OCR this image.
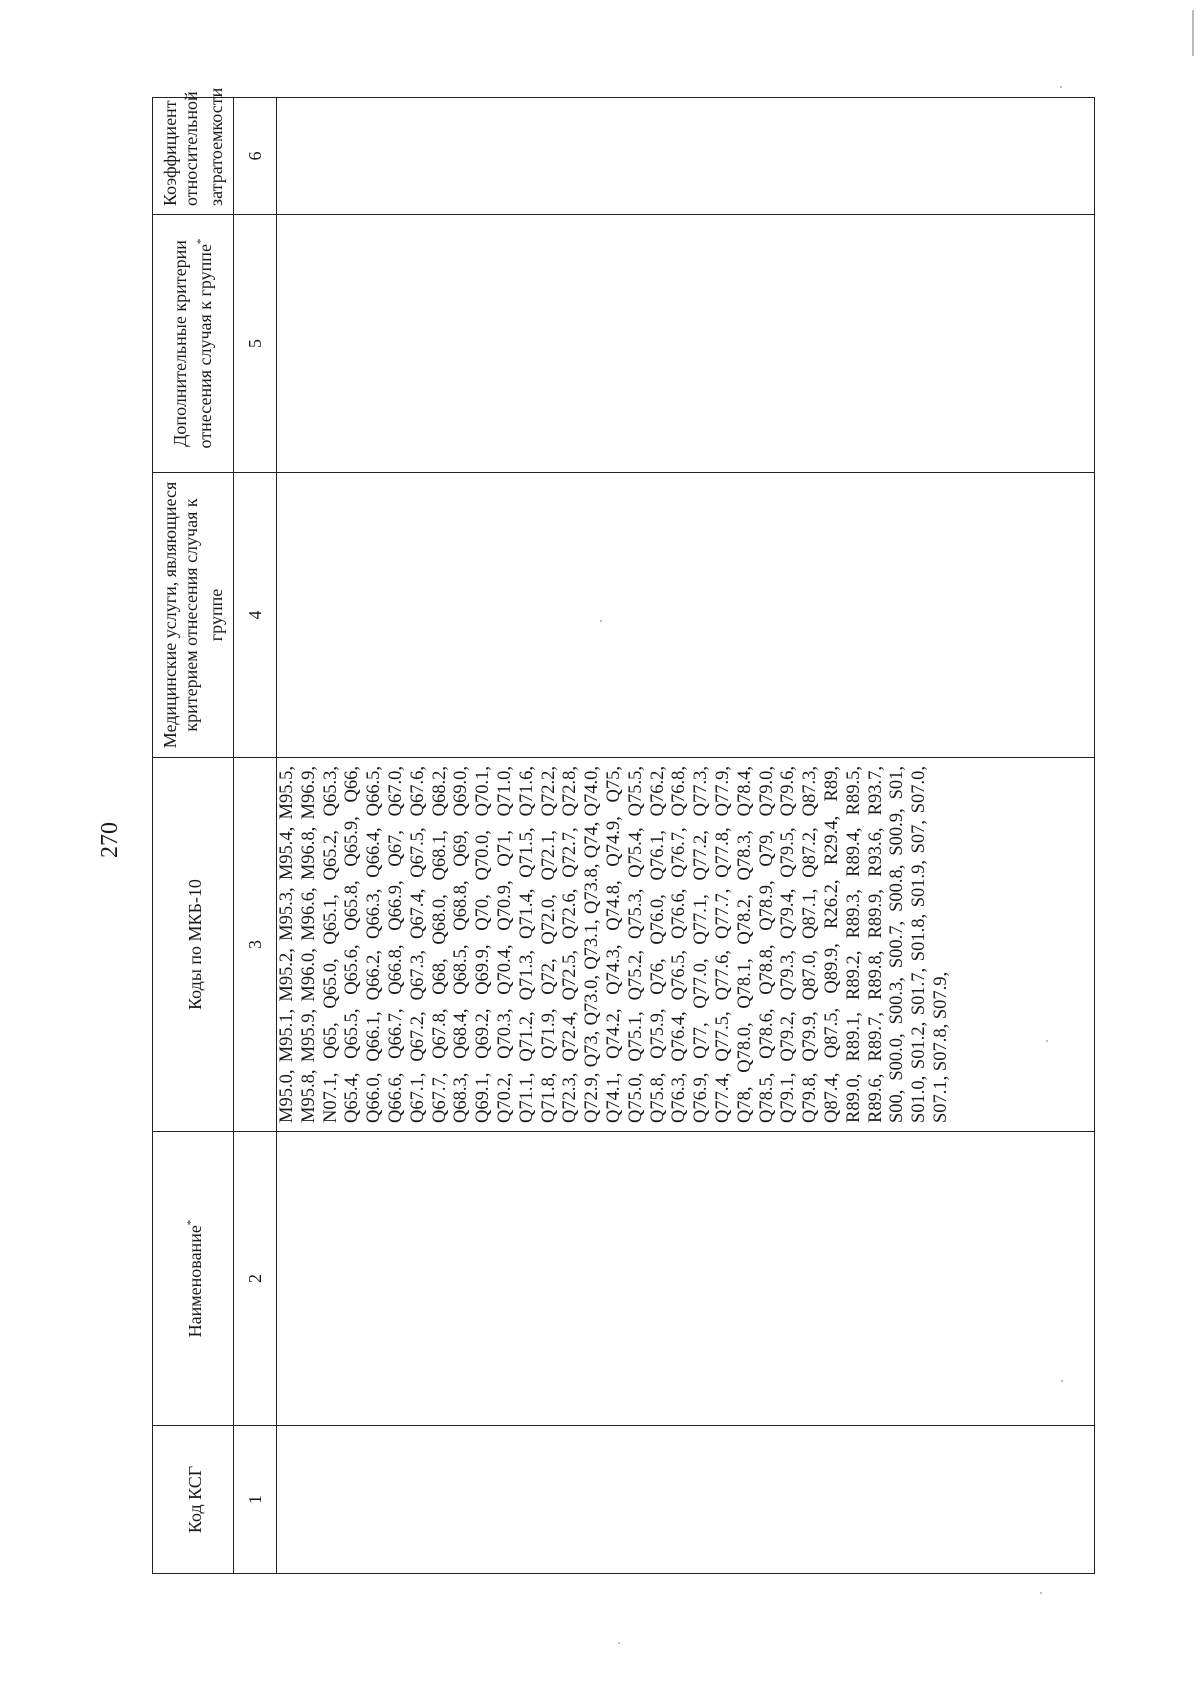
270
Код КСГ	Наименование*	Коды по МКБ-10	Медицинские услуги, являющиеся критерием отнесения случая к группе	Дополнительные критерии отнесения случая к группе*	Коэффициент относительной затратоемкости
1	2	3	4	5	6

		M95.0, M95.1, M95.2, M95.3, M95.4, M95.5, M95.8, M95.9, M96.0, M96.6, M96.8, M96.9, N07.1, Q65, Q65.0, Q65.1, Q65.2, Q65.3, Q65.4, Q65.5, Q65.6, Q65.8, Q65.9, Q66, Q66.0, Q66.1, Q66.2, Q66.3, Q66.4, Q66.5, Q66.6, Q66.7, Q66.8, Q66.9, Q67, Q67.0, Q67.1, Q67.2, Q67.3, Q67.4, Q67.5, Q67.6, Q67.7, Q67.8, Q68, Q68.0, Q68.1, Q68.2, Q68.3, Q68.4, Q68.5, Q68.8, Q69, Q69.0, Q69.1, Q69.2, Q69.9, Q70, Q70.0, Q70.1, Q70.2, Q70.3, Q70.4, Q70.9, Q71, Q71.0, Q71.1, Q71.2, Q71.3, Q71.4, Q71.5, Q71.6, Q71.8, Q71.9, Q72, Q72.0, Q72.1, Q72.2, Q72.3, Q72.4, Q72.5, Q72.6, Q72.7, Q72.8, Q72.9, Q73, Q73.0, Q73.1, Q73.8, Q74, Q74.0, Q74.1, Q74.2, Q74.3, Q74.8, Q74.9, Q75, Q75.0, Q75.1, Q75.2, Q75.3, Q75.4, Q75.5, Q75.8, Q75.9, Q76, Q76.0, Q76.1, Q76.2, Q76.3, Q76.4, Q76.5, Q76.6, Q76.7, Q76.8, Q76.9, Q77, Q77.0, Q77.1, Q77.2, Q77.3, Q77.4, Q77.5, Q77.6, Q77.7, Q77.8, Q77.9, Q78, Q78.0, Q78.1, Q78.2, Q78.3, Q78.4, Q78.5, Q78.6, Q78.8, Q78.9, Q79, Q79.0, Q79.1, Q79.2, Q79.3, Q79.4, Q79.5, Q79.6, Q79.8, Q79.9, Q87.0, Q87.1, Q87.2, Q87.3, Q87.4, Q87.5, Q89.9, R26.2, R29.4, R89, R89.0, R89.1, R89.2, R89.3, R89.4, R89.5, R89.6, R89.7, R89.8, R89.9, R93.6, R93.7, S00, S00.0, S00.3, S00.7, S00.8, S00.9, S01, S01.0, S01.2, S01.7, S01.8, S01.9, S07, S07.0, S07.1, S07.8, S07.9,			
